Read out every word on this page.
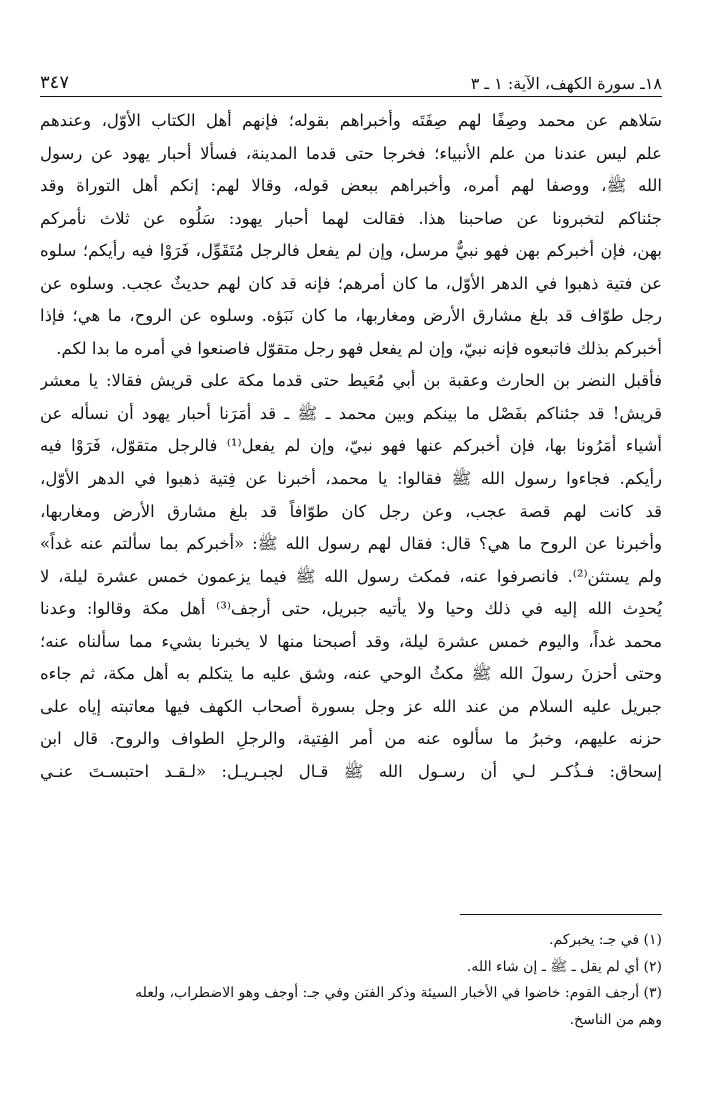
٣٤٧	١٨ـ سورة الكهف، الآية: ١ ـ ٣
سَلاهم عن محمد وصِفًا لهم صِفَتَه وأخبراهم بقوله؛ فإنهم أهل الكتاب الأوّل، وعندهم
علم ليس عندنا من علم الأنبياء؛ فخرجا حتى قدما المدينة، فسألا أحبار يهود عن رسول
الله ﷺ، ووصفا لهم أمره، وأخبراهم ببعض قوله، وقالا لهم: إنكم أهل التوراة وقد
جئناكم لتخبرونا عن صاحبنا هذا. فقالت لهما أحبار يهود: سَلُوه عن ثلاث نأمركم
بهن، فإن أخبركم بهن فهو نبيٌّ مرسل، وإن لم يفعل فالرجل مُتَقَوِّل، فَرَوْا فيه رأيكم؛ سلوه
عن فتية ذهبوا في الدهر الأوّل، ما كان أمرهم؛ فإنه قد كان لهم حديثٌ عجب. وسلوه عن
رجل طوّاف قد بلغ مشارق الأرض ومغاربها، ما كان نَبَؤه. وسلوه عن الروح، ما هي؛ فإذا
أخبركم بذلك فاتبعوه فإنه نبيّ، وإن لم يفعل فهو رجل متقوّل فاصنعوا في أمره ما بدا لكم.
فأقبل النضر بن الحارث وعقبة بن أبي مُعَيط حتى قدما مكة على قريش فقالا: يا معشر
قريش! قد جئناكم بفَصْل ما بينكم وبين محمد ـ ﷺ ـ قد أمَرَنا أحبار يهود أن نسأله عن
أشياء أمَرُونا بها، فإن أخبركم عنها فهو نبيّ، وإن لم يفعل⁽¹⁾ فالرجل متقوّل، فَرَوْا فيه
رأيكم. فجاءوا رسول الله ﷺ فقالوا: يا محمد، أخبرنا عن فِتية ذهبوا في الدهر الأوّل،
قد كانت لهم قصة عجب، وعن رجل كان طوّافاً قد بلغ مشارق الأرض ومغاربها،
وأخبرنا عن الروح ما هي؟ قال: فقال لهم رسول الله ﷺ: «أخبركم بما سألتم عنه غداً»
ولم يستثن⁽²⁾. فانصرفوا عنه، فمكث رسول الله ﷺ فيما يزعمون خمس عشرة ليلة، لا
يُحدِث الله إليه في ذلك وحيا ولا يأتيه جبريل، حتى أرجف⁽³⁾ أهل مكة وقالوا: وعدنا
محمد غداً، واليوم خمس عشرة ليلة، وقد أصبحنا منها لا يخبرنا بشيء مما سألناه عنه؛
وحتى أحزنَ رسولَ الله ﷺ مكثُ الوحي عنه، وشق عليه ما يتكلم به أهل مكة، ثم جاءه
جبريل عليه السلام من عند الله عز وجل بسورة أصحاب الكهف فيها معاتبته إياه على
حزنه عليهم، وخبرُ ما سألوه عنه من أمر الفِتية، والرجلِ الطواف والروح. قال ابن
إسحاق: فـذُكـر لـي أن رسـول الله ﷺ قـال لجبـريـل: «لـقـد احتبسـتَ عنـي
(١) في جـ: يخبركم.
(٢) أي لم يقل ـ ﷺ ـ إن شاء الله.
(٣) أرجف القوم: خاضوا في الأخبار السيئة وذكر الفتن وفي جـ: أوجف وهو الاضطراب، ولعله
وهم من الناسخ.
